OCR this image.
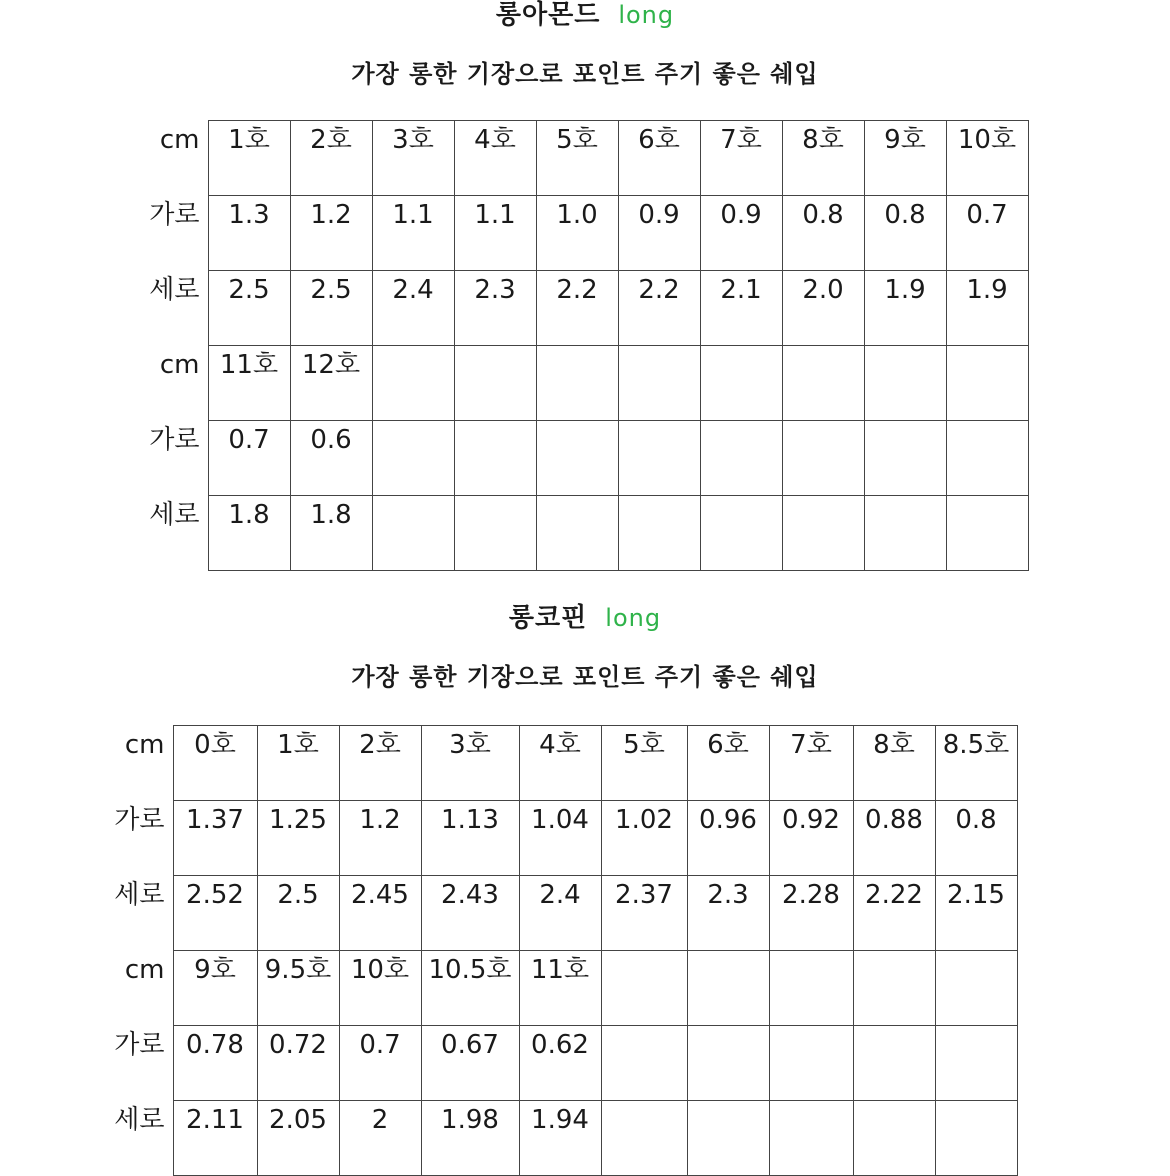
롱아몬드 long
가장 롱한 기장으로 포인트 주기 좋은 쉐입
cm	1호	2호	3호	4호	5호	6호	7호	8호	9호	10호
가로	1.3	1.2	1.1	1.1	1.0	0.9	0.9	0.8	0.8	0.7
세로	2.5	2.5	2.4	2.3	2.2	2.2	2.1	2.0	1.9	1.9
cm	11호	12호								
가로	0.7	0.6								
세로	1.8	1.8								
롱코핀 long
가장 롱한 기장으로 포인트 주기 좋은 쉐입
cm	0호	1호	2호	3호	4호	5호	6호	7호	8호	8.5호
가로	1.37	1.25	1.2	1.13	1.04	1.02	0.96	0.92	0.88	0.8
세로	2.52	2.5	2.45	2.43	2.4	2.37	2.3	2.28	2.22	2.15
cm	9호	9.5호	10호	10.5호	11호					
가로	0.78	0.72	0.7	0.67	0.62					
세로	2.11	2.05	2	1.98	1.94					
